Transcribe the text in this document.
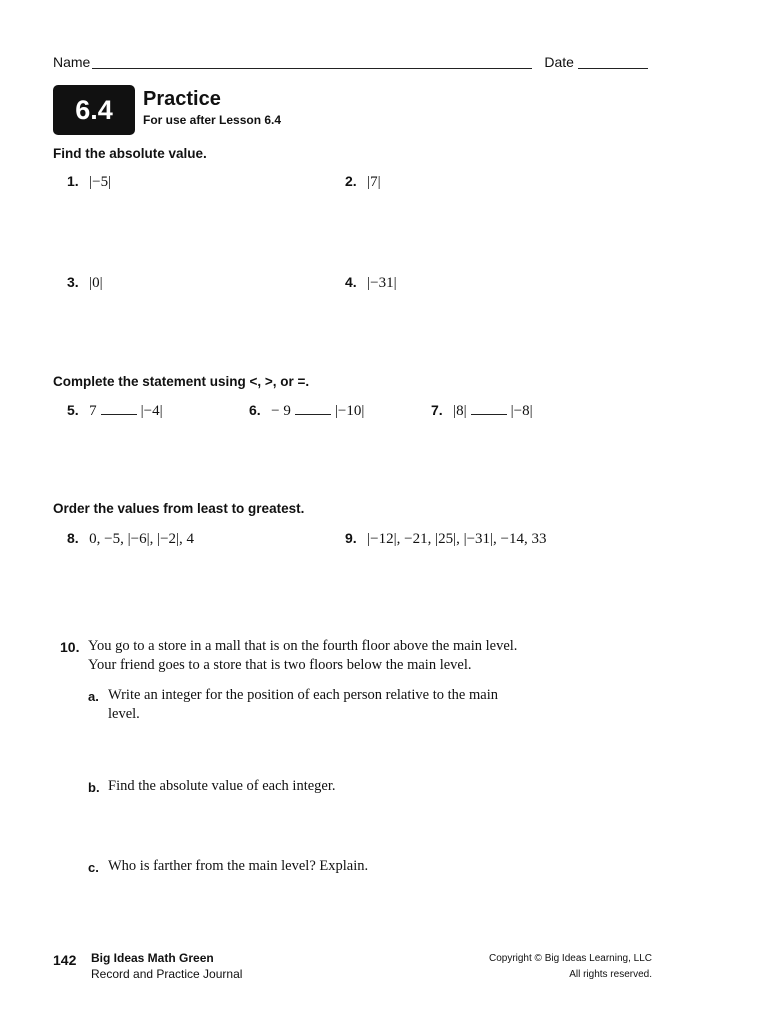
Name	Date
6.4	Practice
For use after Lesson 6.4
Find the absolute value.
1. |−5|	2. |7|
3. |0|	4. |−31|
Complete the statement using <, >, or =.
5. 7	|−4|	6. − 9	|−10|	7. |8|	|−8|
Order the values from least to greatest.
8. 0, −5, |−6|, |−2|, 4	9. |−12|, −21, |25|, |−31|, −14, 33
10. You go to a store in a mall that is on the fourth floor above the main level.
Your friend goes to a store that is two floors below the main level.
a. Write an integer for the position of each person relative to the main
level.
b. Find the absolute value of each integer.
c. Who is farther from the main level? Explain.
142 Big Ideas Math Green
Record and Practice Journal
Copyright © Big Ideas Learning, LLC
All rights reserved.
